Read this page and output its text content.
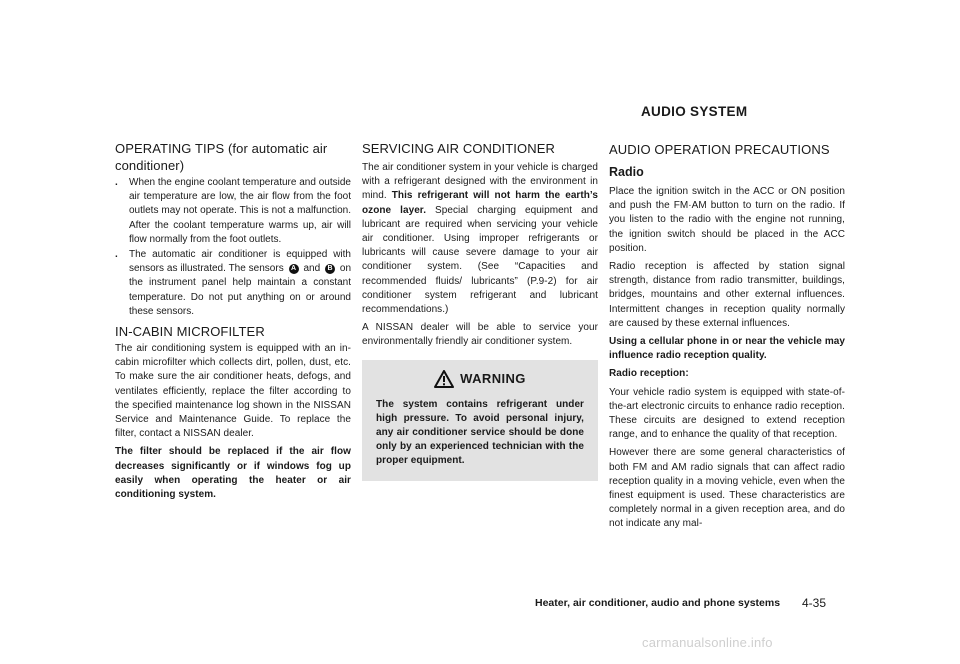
AUDIO SYSTEM
OPERATING TIPS (for automatic air conditioner)
. When the engine coolant temperature and outside air temperature are low, the air flow from the foot outlets may not operate. This is not a malfunction. After the coolant temperature warms up, air will flow normally from the foot outlets.
. The automatic air conditioner is equipped with sensors as illustrated. The sensors A and B on the instrument panel help maintain a constant temperature. Do not put anything on or around these sensors.
IN-CABIN MICROFILTER

The air conditioning system is equipped with an in-cabin microfilter which collects dirt, pollen, dust, etc. To make sure the air conditioner heats, defogs, and ventilates efficiently, replace the filter according to the specified maintenance log shown in the NISSAN Service and Maintenance Guide. To replace the filter, contact a NISSAN dealer.

The filter should be replaced if the air flow decreases significantly or if windows fog up easily when operating the heater or air conditioning system.

SERVICING AIR CONDITIONER

The air conditioner system in your vehicle is charged with a refrigerant designed with the environment in mind. This refrigerant will not harm the earth’s ozone layer. Special charging equipment and lubricant are required when servicing your vehicle air conditioner. Using improper refrigerants or lubricants will cause severe damage to your air conditioner system. (See “Capacities and recommended fluids/ lubricants” (P.9-2) for air conditioner system refrigerant and lubricant recommendations.)

A NISSAN dealer will be able to service your environmentally friendly air conditioner system.

WARNING

The system contains refrigerant under high pressure. To avoid personal injury, any air conditioner service should be done only by an experienced technician with the proper equipment.

AUDIO OPERATION PRECAUTIONS
Radio

Place the ignition switch in the ACC or ON position and push the FM·AM button to turn on the radio. If you listen to the radio with the engine not running, the ignition switch should be placed in the ACC position.

Radio reception is affected by station signal strength, distance from radio transmitter, buildings, bridges, mountains and other external influences. Intermittent changes in reception quality normally are caused by these external influences.

Using a cellular phone in or near the vehicle may influence radio reception quality.

Radio reception:

Your vehicle radio system is equipped with state-of-the-art electronic circuits to enhance radio reception. These circuits are designed to extend reception range, and to enhance the quality of that reception.

However there are some general characteristics of both FM and AM radio signals that can affect radio reception quality in a moving vehicle, even when the finest equipment is used. These characteristics are completely normal in a given reception area, and do not indicate any mal-

Heater, air conditioner, audio and phone systems 4-35
carmanualsonline.info
